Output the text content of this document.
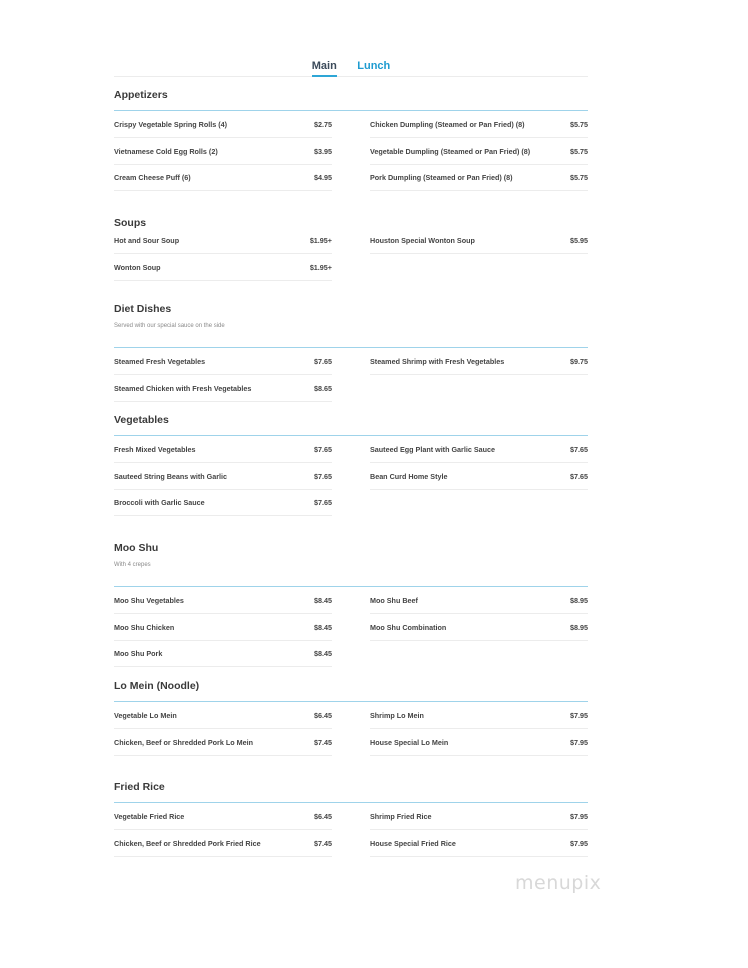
Main Lunch
Appetizers
Crispy Vegetable Spring Rolls (4)	$2.75	Chicken Dumpling (Steamed or Pan Fried) (8)	$5.75
Vietnamese Cold Egg Rolls (2)	$3.95	Vegetable Dumpling (Steamed or Pan Fried) (8)	$5.75
Cream Cheese Puff (6)	$4.95	Pork Dumpling (Steamed or Pan Fried) (8)	$5.75
Soups
Hot and Sour Soup	$1.95+	Houston Special Wonton Soup	$5.95
Wonton Soup	$1.95+
Diet Dishes
Served with our special sauce on the side
Steamed Fresh Vegetables	$7.65	Steamed Shrimp with Fresh Vegetables	$9.75
Steamed Chicken with Fresh Vegetables	$8.65
Vegetables
Fresh Mixed Vegetables	$7.65	Sauteed Egg Plant with Garlic Sauce	$7.65
Sauteed String Beans with Garlic	$7.65	Bean Curd Home Style	$7.65
Broccoli with Garlic Sauce	$7.65
Moo Shu
With 4 crepes
Moo Shu Vegetables	$8.45	Moo Shu Beef	$8.95
Moo Shu Chicken	$8.45	Moo Shu Combination	$8.95
Moo Shu Pork	$8.45
Lo Mein (Noodle)
Vegetable Lo Mein	$6.45	Shrimp Lo Mein	$7.95
Chicken, Beef or Shredded Pork Lo Mein	$7.45	House Special Lo Mein	$7.95
Fried Rice
Vegetable Fried Rice	$6.45	Shrimp Fried Rice	$7.95
Chicken, Beef or Shredded Pork Fried Rice	$7.45	House Special Fried Rice	$7.95
menupix
